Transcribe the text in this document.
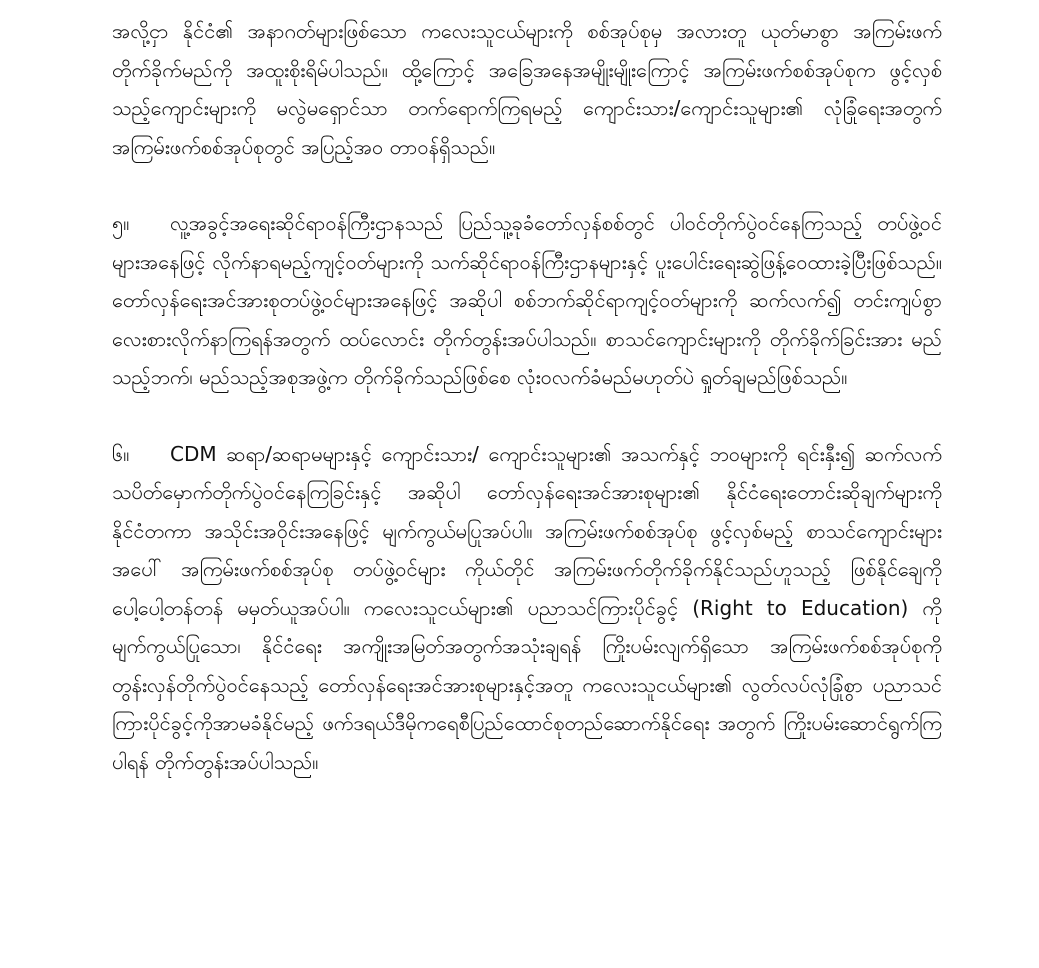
အလို့ငှာ နိုင်ငံ၏ အနာဂတ်များဖြစ်သော ကလေးသူငယ်များကို စစ်အုပ်စုမှ အလားတူ ယုတ်မာစွာ အကြမ်းဖက်တိုက်ခိုက်မည်ကို အထူးစိုးရိမ်ပါသည်။ ထို့ကြောင့် အခြေအနေအမျိုးမျိုးကြောင့် အကြမ်းဖက်စစ်အုပ်စုက ဖွင့်လှစ်သည့်ကျောင်းများကို မလွဲမရှောင်သာ တက်ရောက်ကြရမည့် ကျောင်းသား/ကျောင်းသူများ၏ လုံခြုံရေးအတွက် အကြမ်းဖက်စစ်အုပ်စုတွင် အပြည့်အဝ တာဝန်ရှိသည်။

၅။ လူ့အခွင့်အရေးဆိုင်ရာဝန်ကြီးဌာနသည် ပြည်သူ့ခုခံတော်လှန်စစ်တွင် ပါဝင်တိုက်ပွဲဝင်နေကြသည့် တပ်ဖွဲ့ဝင်များအနေဖြင့် လိုက်နာရမည့်ကျင့်ဝတ်များကို သက်ဆိုင်ရာဝန်ကြီးဌာနများနှင့် ပူးပေါင်းရေးဆွဲဖြန့်ဝေထားခဲ့ပြီးဖြစ်သည်။ တော်လှန်ရေးအင်အားစုတပ်ဖွဲ့ဝင်များအနေဖြင့် အဆိုပါ စစ်ဘက်ဆိုင်ရာကျင့်ဝတ်များကို ဆက်လက်၍ တင်းကျပ်စွာလေးစားလိုက်နာကြရန်အတွက် ထပ်လောင်း တိုက်တွန်းအပ်ပါသည်။ စာသင်ကျောင်းများကို တိုက်ခိုက်ခြင်းအား မည်သည့်ဘက်၊ မည်သည့်အစုအဖွဲ့က တိုက်ခိုက်သည်ဖြစ်စေ လုံးဝလက်ခံမည်မဟုတ်ပဲ ရှုတ်ချမည်ဖြစ်သည်။

၆။ CDM ဆရာ/ဆရာမများနှင့် ကျောင်းသား/ ကျောင်းသူများ၏ အသက်နှင့် ဘဝများကို ရင်းနှီး၍ ဆက်လက်သပိတ်မှောက်တိုက်ပွဲဝင်နေကြခြင်းနှင့် အဆိုပါ တော်လှန်ရေးအင်အားစုများ၏ နိုင်ငံရေးတောင်းဆိုချက်များကို နိုင်ငံတကာ အသိုင်းအဝိုင်းအနေဖြင့် မျက်ကွယ်မပြုအပ်ပါ။ အကြမ်းဖက်စစ်အုပ်စု ဖွင့်လှစ်မည့် စာသင်ကျောင်းများအပေါ် အကြမ်းဖက်စစ်အုပ်စု တပ်ဖွဲ့ဝင်များ ကိုယ်တိုင် အကြမ်းဖက်တိုက်ခိုက်နိုင်သည်ဟူသည့် ဖြစ်နိုင်ချေကို ပေါ့ပေါ့တန်တန် မမှတ်ယူအပ်ပါ။ ကလေးသူငယ်များ၏ ပညာသင်ကြားပိုင်ခွင့် (Right to Education) ကို မျက်ကွယ်ပြုသော၊ နိုင်ငံရေး အကျိုးအမြတ်အတွက်အသုံးချရန် ကြိုးပမ်းလျက်ရှိသော အကြမ်းဖက်စစ်အုပ်စုကို တွန်းလှန်တိုက်ပွဲဝင်နေသည့် တော်လှန်ရေးအင်အားစုများနှင့်အတူ ကလေးသူငယ်များ၏ လွတ်လပ်လုံခြုံစွာ ပညာသင်ကြားပိုင်ခွင့်ကိုအာမခံနိုင်မည့် ဖက်ဒရယ်ဒီမိုကရေစီပြည်ထောင်စုတည်ဆောက်နိုင်ရေး အတွက် ကြိုးပမ်းဆောင်ရွက်ကြပါရန် တိုက်တွန်းအပ်ပါသည်။
